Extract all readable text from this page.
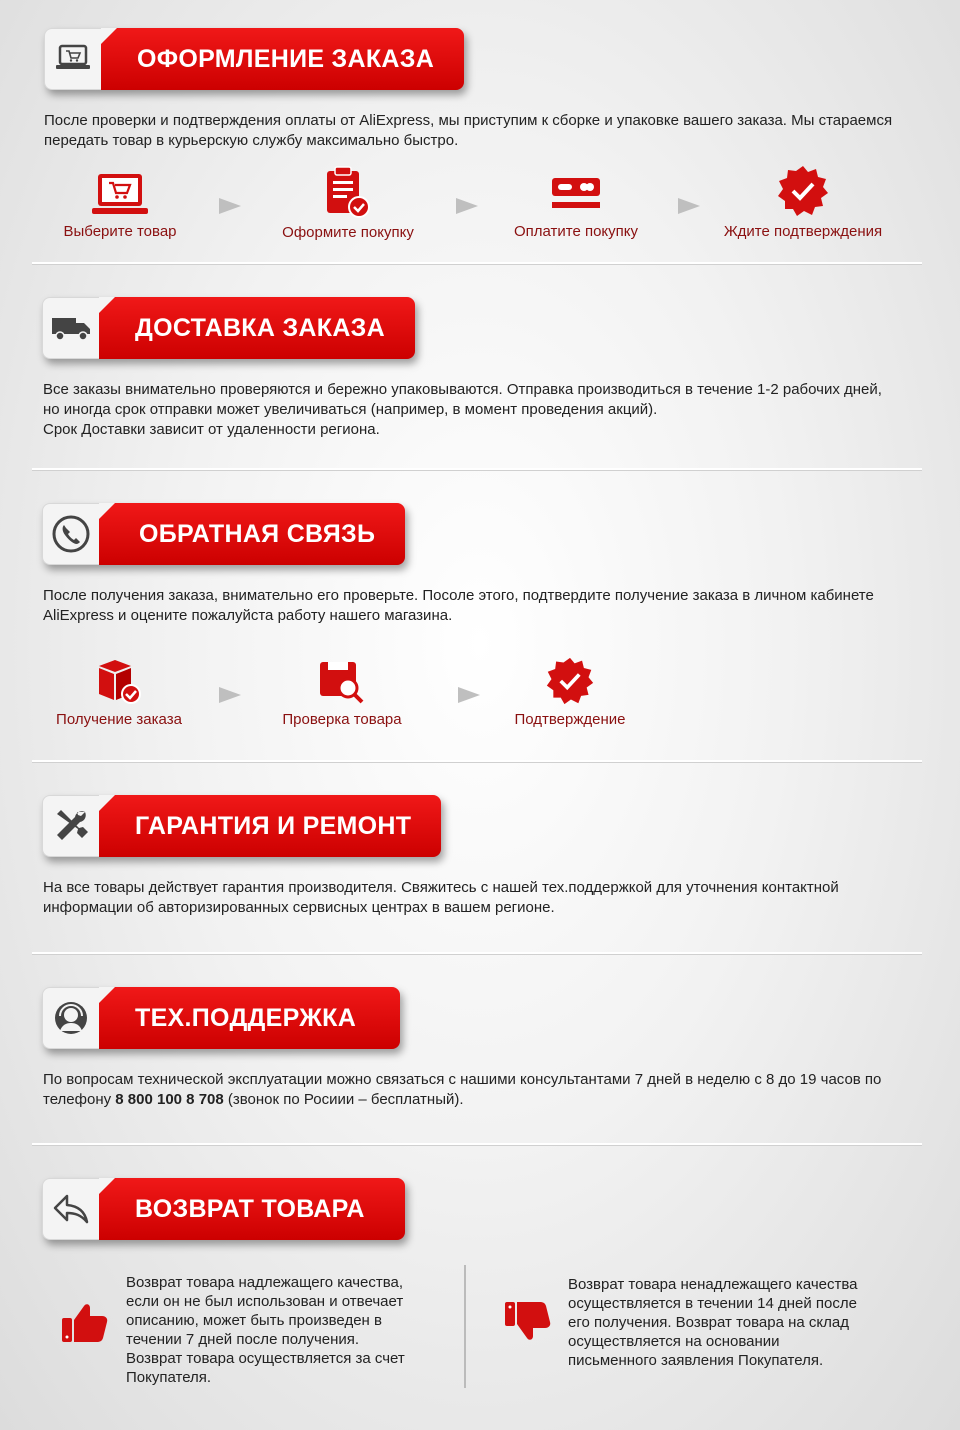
ОФОРМЛЕНИЕ ЗАКАЗА
После проверки и подтверждения оплаты от AliExpress, мы приступим к сборке и упаковке вашего заказа. Мы стараемся передать товар в курьерскую службу максимально быстро.
Выберите товар	Оформите покупку	Оплатите покупку	Ждите подтверждения
ДОСТАВКА ЗАКАЗА
Все заказы внимательно проверяются и бережно упаковываются. Отправка производиться в течение 1-2 рабочих дней,
но иногда срок отправки может увеличиваться (например, в момент проведения акций).
Срок Доставки зависит от удаленности региона.
ОБРАТНАЯ СВЯЗЬ
После получения заказа, внимательно его проверьте. Посоле этого, подтвердите получение заказа в личном кабинете AliExpress и оцените пожалуйста работу нашего магазина.
Получение заказа	Проверка товара	Подтверждение
ГАРАНТИЯ И РЕМОНТ
На все товары действует гарантия производителя. Свяжитесь с нашей тех.поддержкой для уточнения контактной информации об авторизированных сервисных центрах в вашем регионе.
ТЕХ.ПОДДЕРЖКА
По вопросам технической эксплуатации можно связаться с нашими консультантами 7 дней в неделю с 8 до 19 часов по телефону 8 800 100 8 708 (звонок по Росиии – бесплатный).
ВОЗВРАТ ТОВАРА
Возврат товара надлежащего качества,
если он не был использован и отвечает
описанию, может быть произведен в
течении 7 дней после получения.
Возврат товара осуществляется за счет
Покупателя.
Возврат товара ненадлежащего качества
осуществляется в течении 14 дней после
его получения. Возврат товара на склад
осуществляется на основании
письменного заявления Покупателя.
